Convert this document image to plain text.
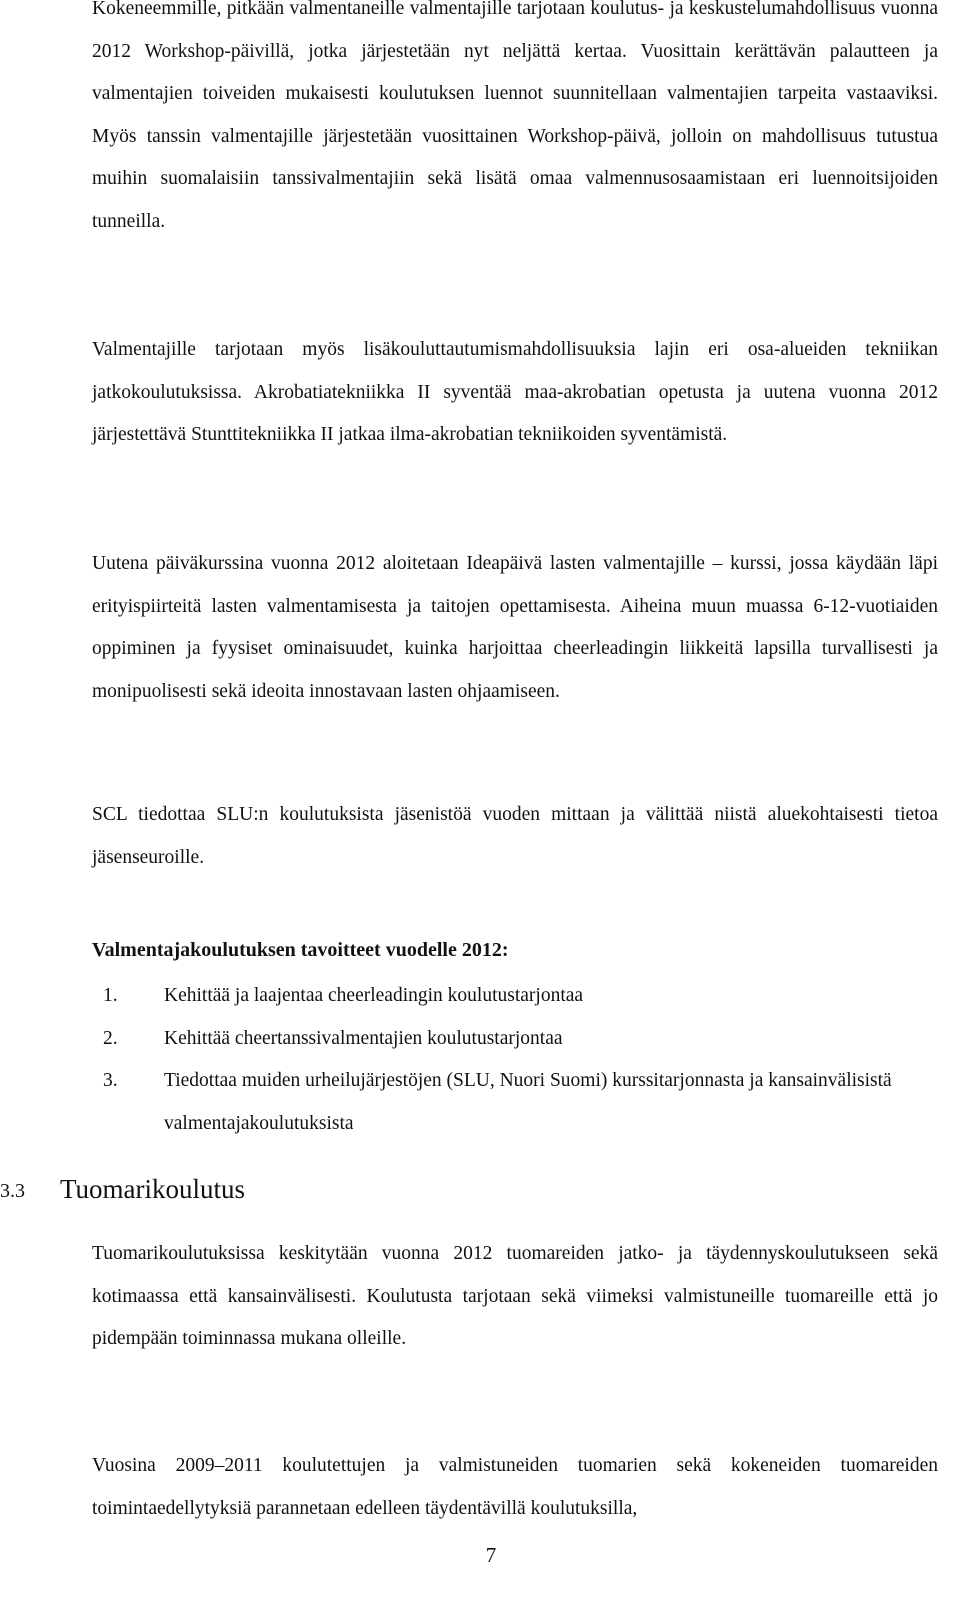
Kokeneemmille, pitkään valmentaneille valmentajille tarjotaan koulutus- ja keskustelumahdollisuus vuonna 2012 Workshop-päivillä, jotka järjestetään nyt neljättä kertaa. Vuosittain kerättävän palautteen ja valmentajien toiveiden mukaisesti koulutuksen luennot suunnitellaan valmentajien tarpeita vastaaviksi. Myös tanssin valmentajille järjestetään vuosittainen Workshop-päivä, jolloin on mahdollisuus tutustua muihin suomalaisiin tanssivalmentajiin sekä lisätä omaa valmennusosaamistaan eri luennoitsijoiden tunneilla.

Valmentajille tarjotaan myös lisäkouluttautumismahdollisuuksia lajin eri osa-alueiden tekniikan jatkokoulutuksissa. Akrobatiatekniikka II syventää maa-akrobatian opetusta ja uutena vuonna 2012 järjestettävä Stunttitekniikka II jatkaa ilma-akrobatian tekniikoiden syventämistä.

Uutena päiväkurssina vuonna 2012 aloitetaan Ideapäivä lasten valmentajille – kurssi, jossa käydään läpi erityispiirteitä lasten valmentamisesta ja taitojen opettamisesta. Aiheina muun muassa 6-12-vuotiaiden oppiminen ja fyysiset ominaisuudet, kuinka harjoittaa cheerleadingin liikkeitä lapsilla turvallisesti ja monipuolisesti sekä ideoita innostavaan lasten ohjaamiseen.

SCL tiedottaa SLU:n koulutuksista jäsenistöä vuoden mittaan ja välittää niistä aluekohtaisesti tietoa jäsenseuroille.

Valmentajakoulutuksen tavoitteet vuodelle 2012:
1. Kehittää ja laajentaa cheerleadingin koulutustarjontaa
2. Kehittää cheertanssivalmentajien koulutustarjontaa
3. Tiedottaa muiden urheilujärjestöjen (SLU, Nuori Suomi) kurssitarjonnasta ja kansainvälisistä valmentajakoulutuksista
3.3 Tuomarikoulutus

Tuomarikoulutuksissa keskitytään vuonna 2012 tuomareiden jatko- ja täydennyskoulutukseen sekä kotimaassa että kansainvälisesti. Koulutusta tarjotaan sekä viimeksi valmistuneille tuomareille että jo pidempään toiminnassa mukana olleille.

Vuosina 2009–2011 koulutettujen ja valmistuneiden tuomarien sekä kokeneiden tuomareiden toimintaedellytyksiä parannetaan edelleen täydentävillä koulutuksilla,

7
